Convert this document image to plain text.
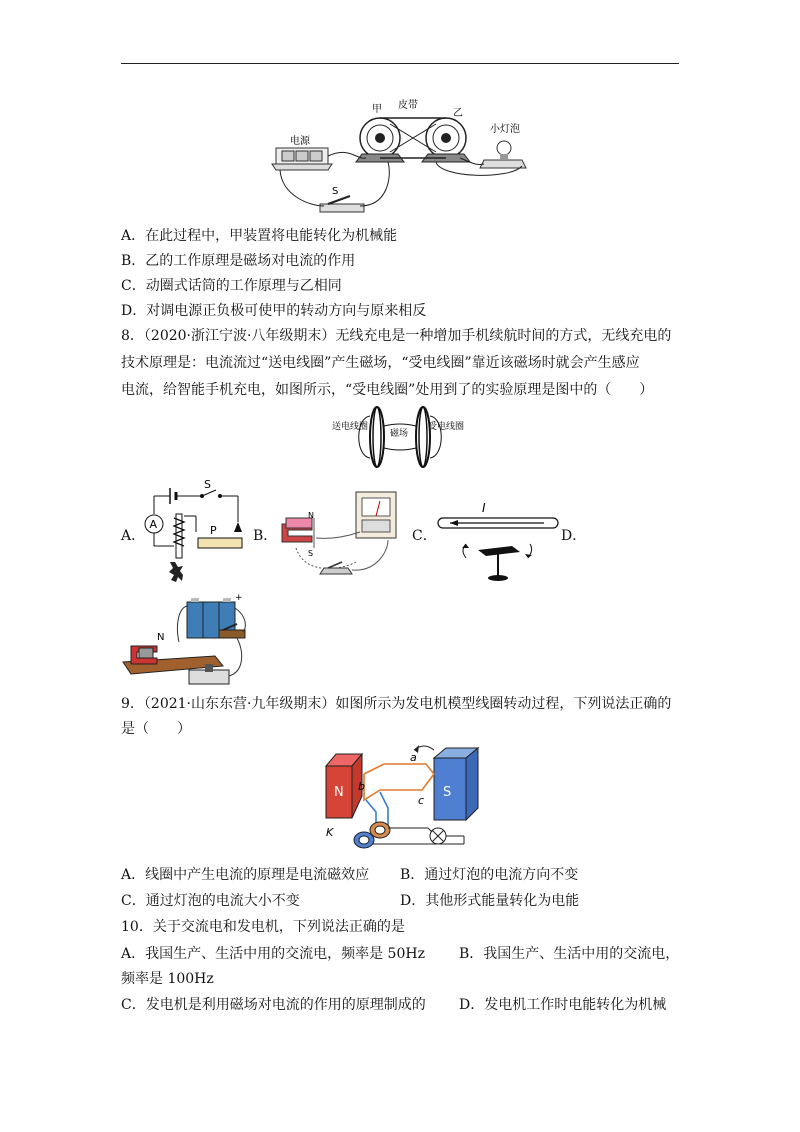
电源
甲	乙
皮带
小灯泡
S
A．在此过程中，甲装置将电能转化为机械能
B．乙的工作原理是磁场对电流的作用
C．动圈式话筒的工作原理与乙相同
D．对调电源正负极可使甲的转动方向与原来相反
8．（2020·浙江宁波·八年级期末）无线充电是一种增加手机续航时间的方式，无线充电的
技术原理是：电流流过“送电线圈”产生磁场，“受电线圈”靠近该磁场时就会产生感应
电流，给智能手机充电，如图所示，“受电线圈”处用到了的实验原理是图中的（　　）
送电线圈
磁场
受电线圈
A．	B．	C．	D．
S
A	P
N
S
I
+
N
9．（2021·山东东营·九年级期末）如图所示为发电机模型线圈转动过程，下列说法正确的
是（　　）
N	S
a
b
c
K
A．线圈中产生电流的原理是电流磁效应 B．通过灯泡的电流方向不变
C．通过灯泡的电流大小不变	D．其他形式能量转化为电能
10．关于交流电和发电机，下列说法正确的是
A．我国生产、生活中用的交流电，频率是 50Hz B．我国生产、生活中用的交流电，
频率是 100Hz
C．发电机是利用磁场对电流的作用的原理制成的 D．发电机工作时电能转化为机械
